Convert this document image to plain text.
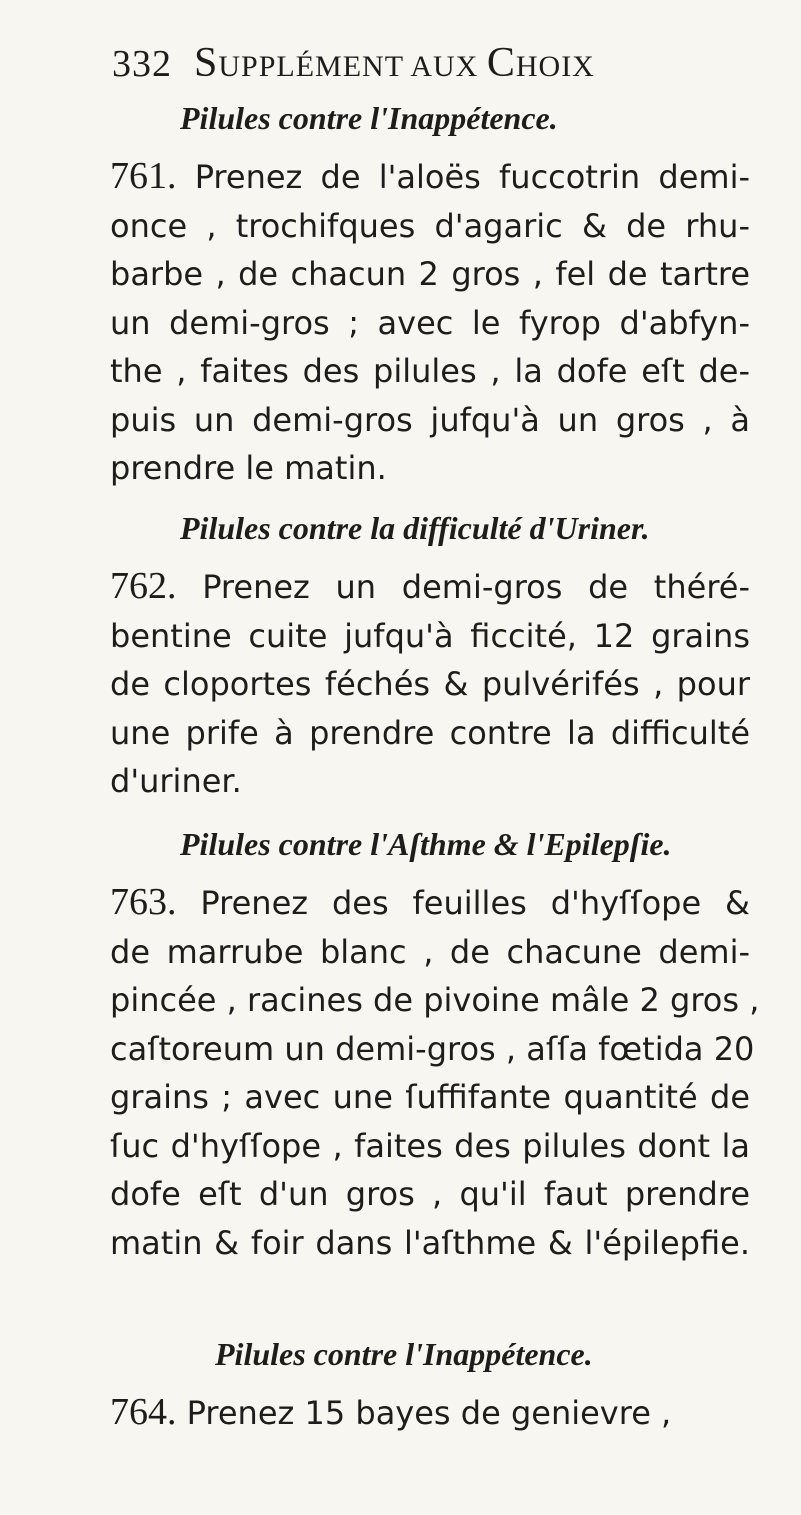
332 SUPPLÉMENT AUX CHOIX
Pilules contre l'Inappétence.
761. Prenez de l'aloës fuccotrin demi-
once , trochifques d'agaric & de rhu-
barbe , de chacun 2 gros , fel de tartre
un demi-gros ; avec le fyrop d'abfyn-
the , faites des pilules , la dofe eſt de-
puis un demi-gros jufqu'à un gros , à
prendre le matin.
Pilules contre la difficulté d'Uriner.
762. Prenez un demi-gros de théré-
bentine cuite jufqu'à ficcité, 12 grains
de cloportes féchés & pulvérifés , pour
une prife à prendre contre la difficulté
d'uriner.
Pilules contre l'Aſthme & l'Epilepſie.
763. Prenez des feuilles d'hyſſope &
de marrube blanc , de chacune demi-
pincée , racines de pivoine mâle 2 gros ,
caſtoreum un demi-gros , aſſa fœtida 20
grains ; avec une ſuffifante quantité de
ſuc d'hyſſope , faites des pilules dont la
dofe eſt d'un gros , qu'il faut prendre
matin & foir dans l'aſthme & l'épilepfie.
Pilules contre l'Inappétence.
764. Prenez 15 bayes de genievre ,
